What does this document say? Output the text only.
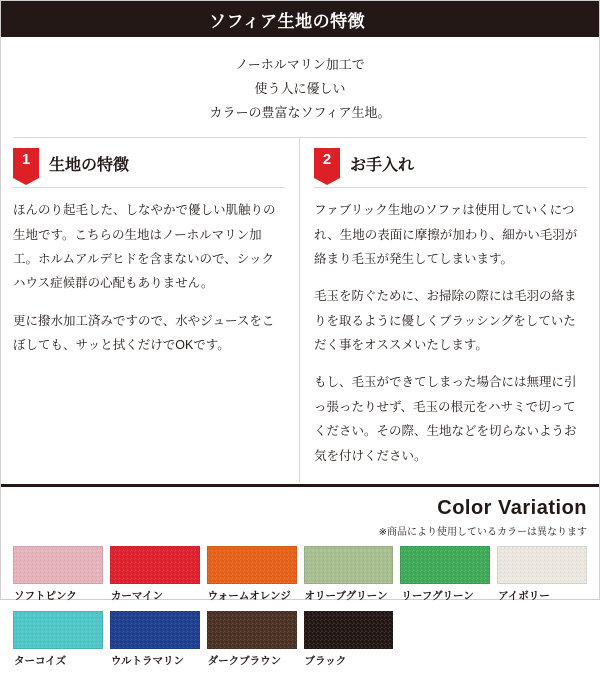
ソフィア生地の特徴
ノーホルマリン加工で
使う人に優しい
カラーの豊富なソフィア生地。
1	生地の特徴

ほんのり起毛した、しなやかで優しい肌触りの生地です。こちらの生地はノーホルマリン加工。ホルムアルデヒドを含まないので、シックハウス症候群の心配もありません。

更に撥水加工済みですので、水やジュースをこぼしても、サッと拭くだけでOKです。

2	お手入れ

ファブリック生地のソファは使用していくにつれ、生地の表面に摩擦が加わり、細かい毛羽が絡まり毛玉が発生してしまいます。

毛玉を防ぐために、お掃除の際には毛羽の絡まりを取るように優しくブラッシングをしていただく事をオススメいたします。

もし、毛玉ができてしまった場合には無理に引っ張ったりせず、毛玉の根元をハサミで切ってください。その際、生地などを切らないようお気を付けください。

Color Variation
※商品により使用しているカラーは異なります
ソフトピンク	カーマイン	ウォームオレンジ	オリーブグリーン	リーフグリーン	アイボリー
ターコイズ	ウルトラマリン	ダークブラウン	ブラック
